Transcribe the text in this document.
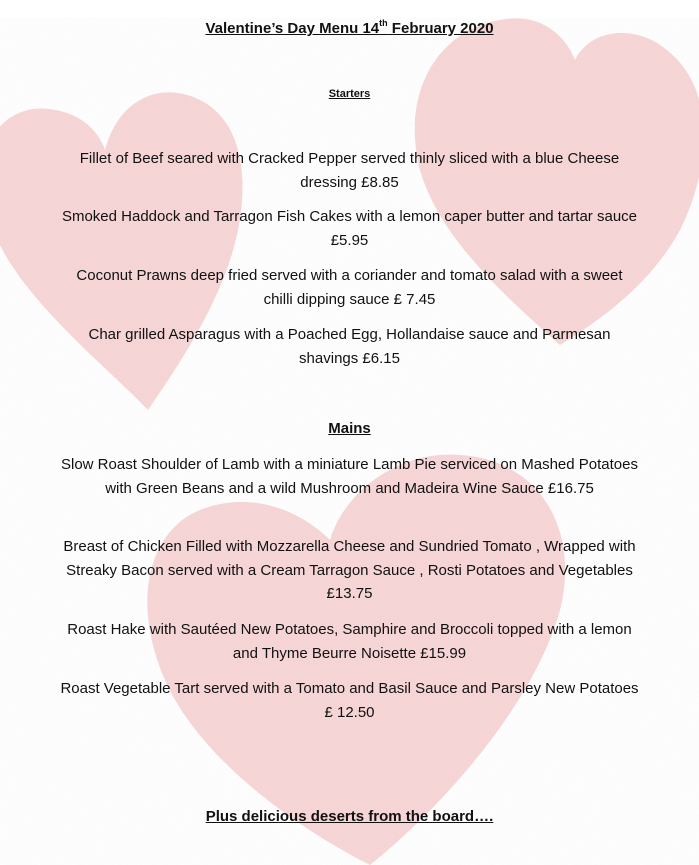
Valentine’s Day Menu 14th February 2020
Starters

Fillet of Beef seared with Cracked Pepper served thinly sliced with a blue Cheese dressing £8.85

Smoked Haddock and Tarragon Fish Cakes with a lemon caper butter and tartar sauce £5.95

Coconut Prawns deep fried served with a coriander and tomato salad with a sweet chilli dipping sauce £ 7.45

Char grilled Asparagus with a Poached Egg, Hollandaise sauce and Parmesan shavings £6.15

Mains

Slow Roast Shoulder of Lamb with a miniature Lamb Pie serviced on Mashed Potatoes with Green Beans and a wild Mushroom and Madeira Wine Sauce £16.75

Breast of Chicken Filled with Mozzarella Cheese and Sundried Tomato , Wrapped with Streaky Bacon served with a Cream Tarragon Sauce , Rosti Potatoes and Vegetables £13.75

Roast Hake with Sautéed New Potatoes, Samphire and Broccoli topped with a lemon and Thyme Beurre Noisette £15.99

Roast Vegetable Tart served with a Tomato and Basil Sauce and Parsley New Potatoes £ 12.50

Plus delicious deserts from the board….
